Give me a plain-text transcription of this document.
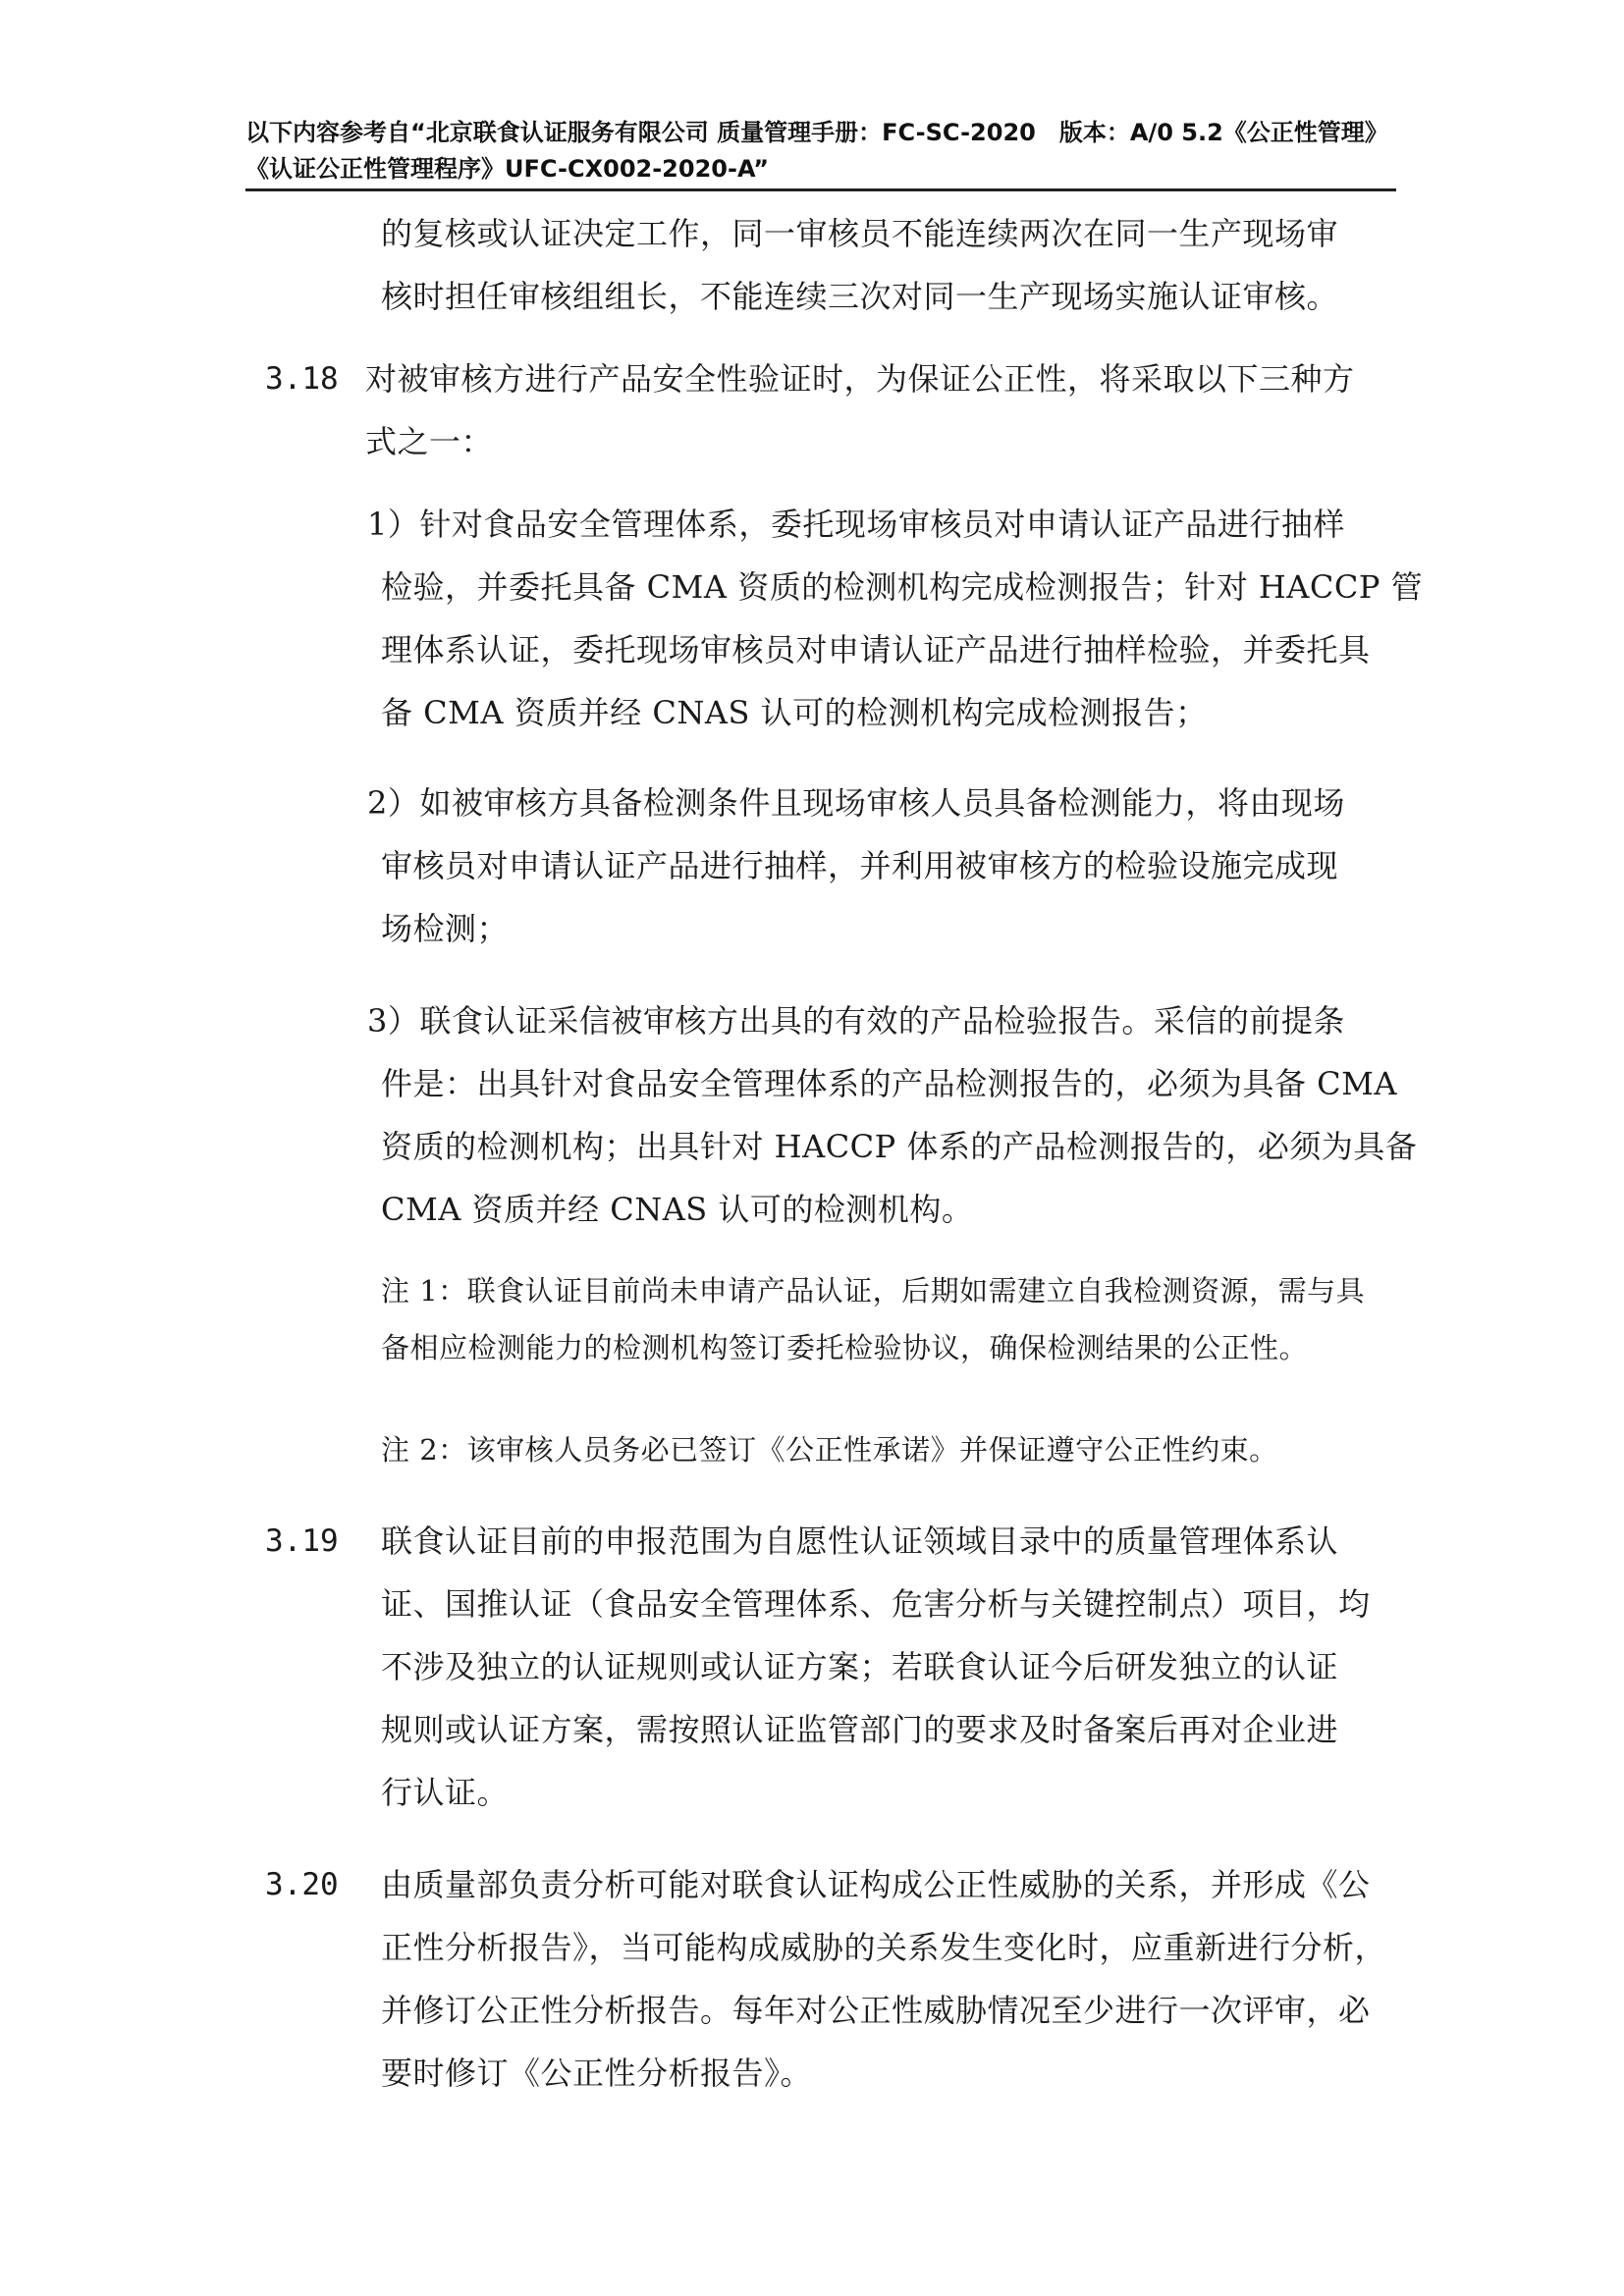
以下内容参考自“北京联食认证服务有限公司 质量管理手册：FC-SC-2020　版本：A/0 5.2《公正性管理》
《认证公正性管理程序》UFC-CX002-2020-A”
的复核或认证决定工作，同一审核员不能连续两次在同一生产现场审
核时担任审核组组长，不能连续三次对同一生产现场实施认证审核。
3.18 对被审核方进行产品安全性验证时，为保证公正性，将采取以下三种方
式之一：
1）针对食品安全管理体系，委托现场审核员对申请认证产品进行抽样
检验，并委托具备 CMA 资质的检测机构完成检测报告；针对 HACCP 管
理体系认证，委托现场审核员对申请认证产品进行抽样检验，并委托具
备 CMA 资质并经 CNAS 认可的检测机构完成检测报告；
2）如被审核方具备检测条件且现场审核人员具备检测能力，将由现场
审核员对申请认证产品进行抽样，并利用被审核方的检验设施完成现
场检测；
3）联食认证采信被审核方出具的有效的产品检验报告。采信的前提条
件是：出具针对食品安全管理体系的产品检测报告的，必须为具备 CMA
资质的检测机构；出具针对 HACCP 体系的产品检测报告的，必须为具备
CMA 资质并经 CNAS 认可的检测机构。
注 1：联食认证目前尚未申请产品认证，后期如需建立自我检测资源，需与具
备相应检测能力的检测机构签订委托检验协议，确保检测结果的公正性。
注 2：该审核人员务必已签订《公正性承诺》并保证遵守公正性约束。
3.19 联食认证目前的申报范围为自愿性认证领域目录中的质量管理体系认
证、国推认证（食品安全管理体系、危害分析与关键控制点）项目，均
不涉及独立的认证规则或认证方案；若联食认证今后研发独立的认证
规则或认证方案，需按照认证监管部门的要求及时备案后再对企业进
行认证。
3.20 由质量部负责分析可能对联食认证构成公正性威胁的关系，并形成《公
正性分析报告》，当可能构成威胁的关系发生变化时，应重新进行分析，
并修订公正性分析报告。每年对公正性威胁情况至少进行一次评审，必
要时修订《公正性分析报告》。
